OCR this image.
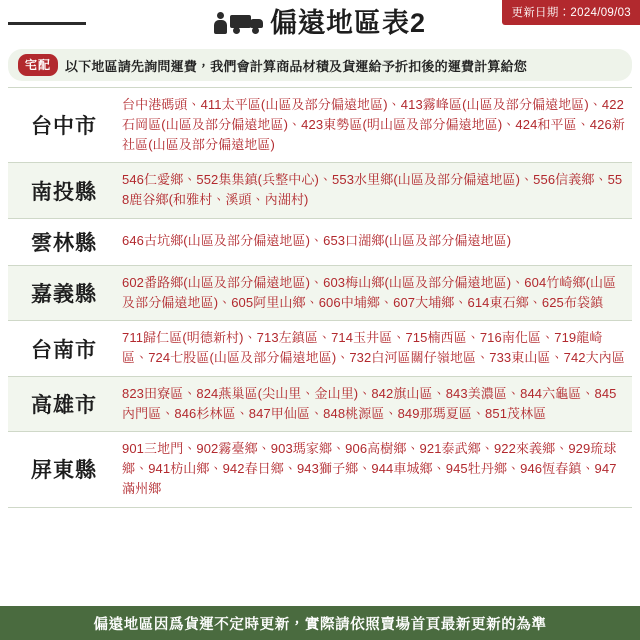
偏遠地區表2	更新日期：2024/09/03
宅配	以下地區請先詢問運費，我們會計算商品材積及貨運給予折扣後的運費計算給您
台中市
台中港碼頭、411太平區(山區及部分偏遠地區)、413霧峰區(山區及部分偏遠地區)、422石岡區(山區及部分偏遠地區)、423東勢區(明山區及部分偏遠地區)、424和平區、426新社區(山區及部分偏遠地區)
南投縣
546仁愛鄉、552集集鎮(兵整中心)、553水里鄉(山區及部分偏遠地區)、556信義鄉、558鹿谷鄉(和雅村、溪頭、內湖村)
雲林縣	646古坑鄉(山區及部分偏遠地區)、653口湖鄉(山區及部分偏遠地區)
嘉義縣
602番路鄉(山區及部分偏遠地區)、603梅山鄉(山區及部分偏遠地區)、604竹崎鄉(山區及部分偏遠地區)、605阿里山鄉、606中埔鄉、607大埔鄉、614東石鄉、625布袋鎮
台南市
711歸仁區(明德新村)、713左鎮區、714玉井區、715楠西區、716南化區、719龍崎區、724七股區(山區及部分偏遠地區)、732白河區關仔嶺地區、733東山區、742大內區
高雄市
823田寮區、824燕巢區(尖山里、金山里)、842旗山區、843美濃區、844六龜區、845內門區、846杉林區、847甲仙區、848桃源區、849那瑪夏區、851茂林區
屏東縣
901三地門、902霧臺鄉、903瑪家鄉、906高樹鄉、921泰武鄉、922來義鄉、929琉球鄉、941枋山鄉、942春日鄉、943獅子鄉、944車城鄉、945牡丹鄉、946恆春鎮、947滿州鄉
偏遠地區因爲貨運不定時更新，實際請依照賣場首頁最新更新的為準
